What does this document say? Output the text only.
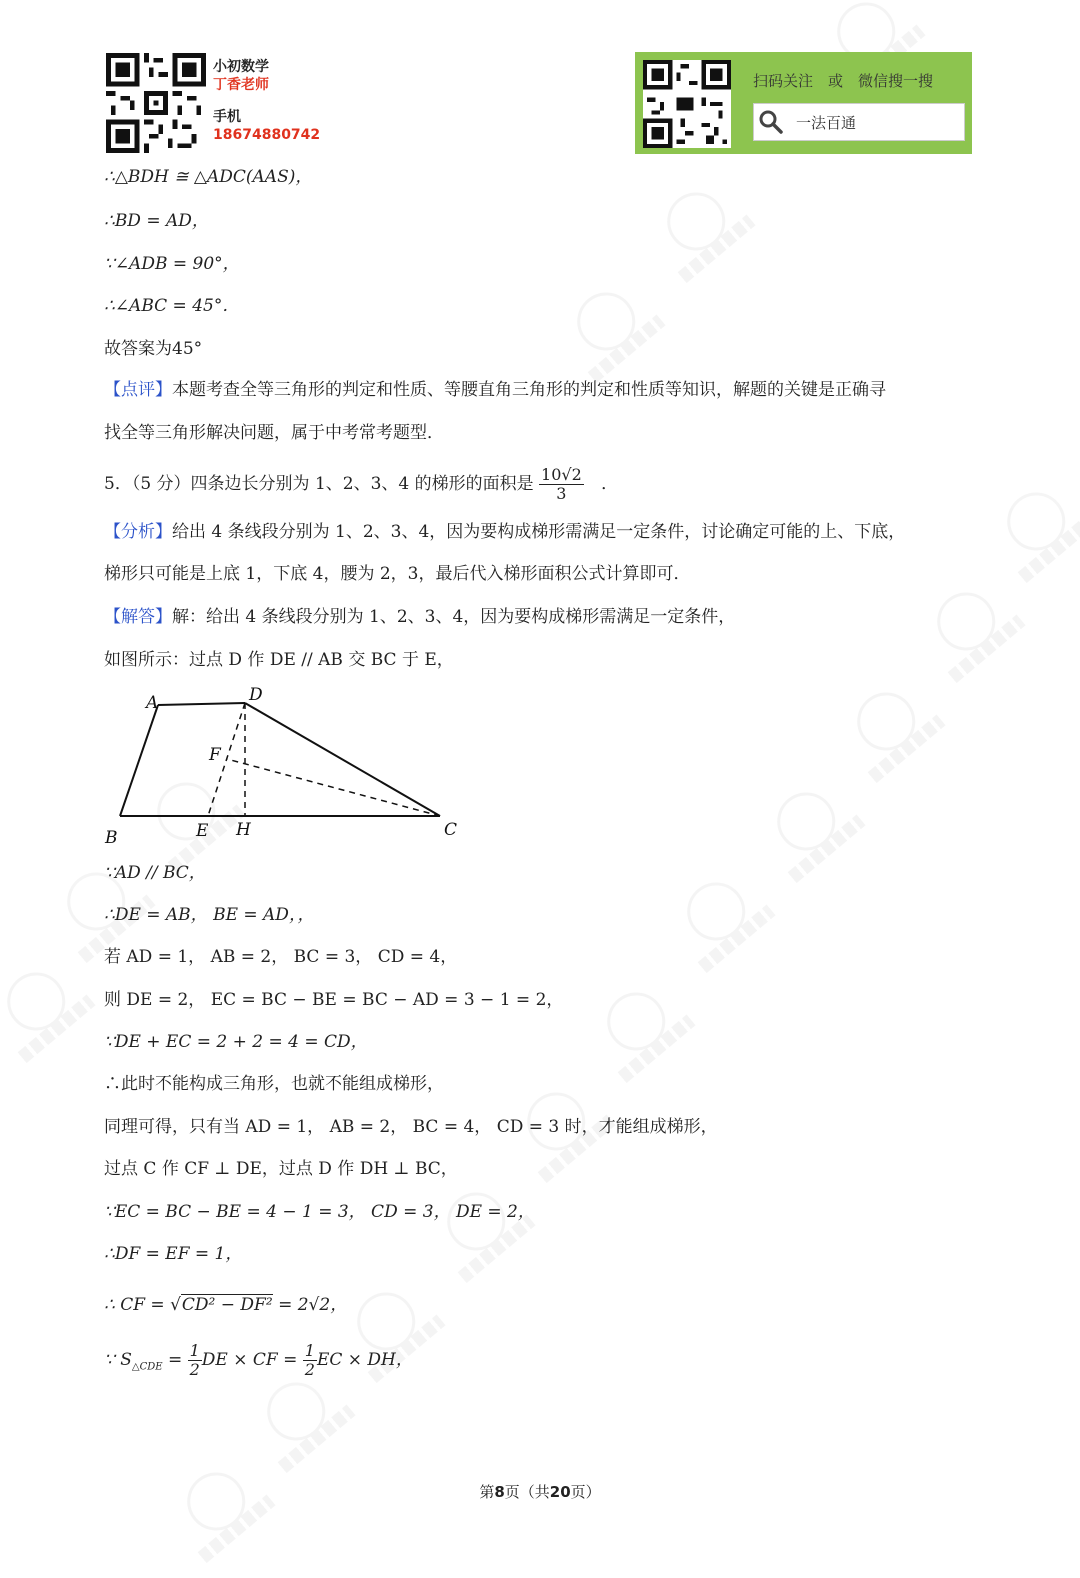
小初数学
丁香老师
手机
18674880742
扫码关注　或　微信搜一搜
一法百通
∴△BDH ≅ △ADC(AAS)，
∴BD = AD，
∵∠ADB = 90°，
∴∠ABC = 45°．
故答案为45°
【点评】本题考查全等三角形的判定和性质、等腰直角三角形的判定和性质等知识，解题的关键是正确寻
找全等三角形解决问题，属于中考常考题型．
5．（5 分）四条边长分别为 1、2、3、4 的梯形的面积是 $\frac{10√2}{3}$ ．
【分析】给出 4 条线段分别为 1、2、3、4，因为要构成梯形需满足一定条件，讨论确定可能的上、下底，
梯形只可能是上底 1，下底 4，腰为 2，3，最后代入梯形面积公式计算即可．
【解答】解：给出 4 条线段分别为 1、2、3、4，因为要构成梯形需满足一定条件，
如图所示：过点 D 作 DE // AB 交 BC 于 E，
A	D
F
B	E H	C
∵AD // BC，
∴DE = AB， BE = AD，，
若 AD = 1， AB = 2， BC = 3， CD = 4，
则 DE = 2， EC = BC − BE = BC − AD = 3 − 1 = 2，
∵DE + EC = 2 + 2 = 4 = CD，
∴此时不能构成三角形，也就不能组成梯形，
同理可得，只有当 AD = 1， AB = 2， BC = 4， CD = 3 时，才能组成梯形，
过点 C 作 CF ⊥ DE，过点 D 作 DH ⊥ BC，
∵EC = BC − BE = 4 − 1 = 3， CD = 3， DE = 2，
∴DF = EF = 1，
∴ CF = √CD² − DF² = 2√2，
∵ $S_{\triangle CDE} = \frac{1}{2}$ DE × CF = $\frac{1}{2}$ EC × DH，
第8页（共20页）
